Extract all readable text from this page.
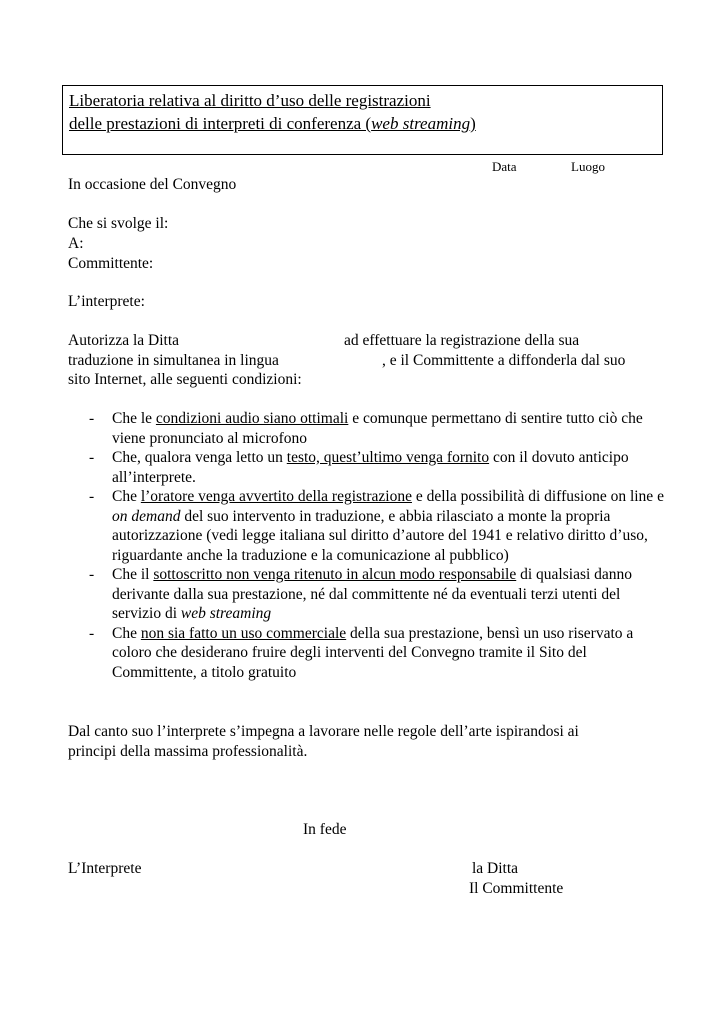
Liberatoria relativa al diritto d’uso delle registrazioni
delle prestazioni di interpreti di conferenza (web streaming)
Data	Luogo
In occasione del Convegno
Che si svolge il:
A:
Committente:
L’interprete:
Autorizza la Ditta	ad effettuare la registrazione della sua
traduzione in simultanea in lingua	, e il Committente a diffonderla dal suo
sito Internet, alle seguenti condizioni:
- Che le condizioni audio siano ottimali e comunque permettano di sentire tutto ciò che viene pronunciato al microfono
- Che, qualora venga letto un testo, quest’ultimo venga fornito con il dovuto anticipo all’interprete.
- Che l’oratore venga avvertito della registrazione e della possibilità di diffusione on line e on demand del suo intervento in traduzione, e abbia rilasciato a monte la propria autorizzazione (vedi legge italiana sul diritto d’autore del 1941 e relativo diritto d’uso, riguardante anche la traduzione e la comunicazione al pubblico)
- Che il sottoscritto non venga ritenuto in alcun modo responsabile di qualsiasi danno derivante dalla sua prestazione, né dal committente né da eventuali terzi utenti del servizio di web streaming
- Che non sia fatto un uso commerciale della sua prestazione, bensì un uso riservato a coloro che desiderano fruire degli interventi del Convegno tramite il Sito del Committente, a titolo gratuito
Dal canto suo l’interprete s’impegna a lavorare nelle regole dell’arte ispirandosi ai
principi della massima professionalità.
In fede
L’Interprete	la Ditta
Il Committente
